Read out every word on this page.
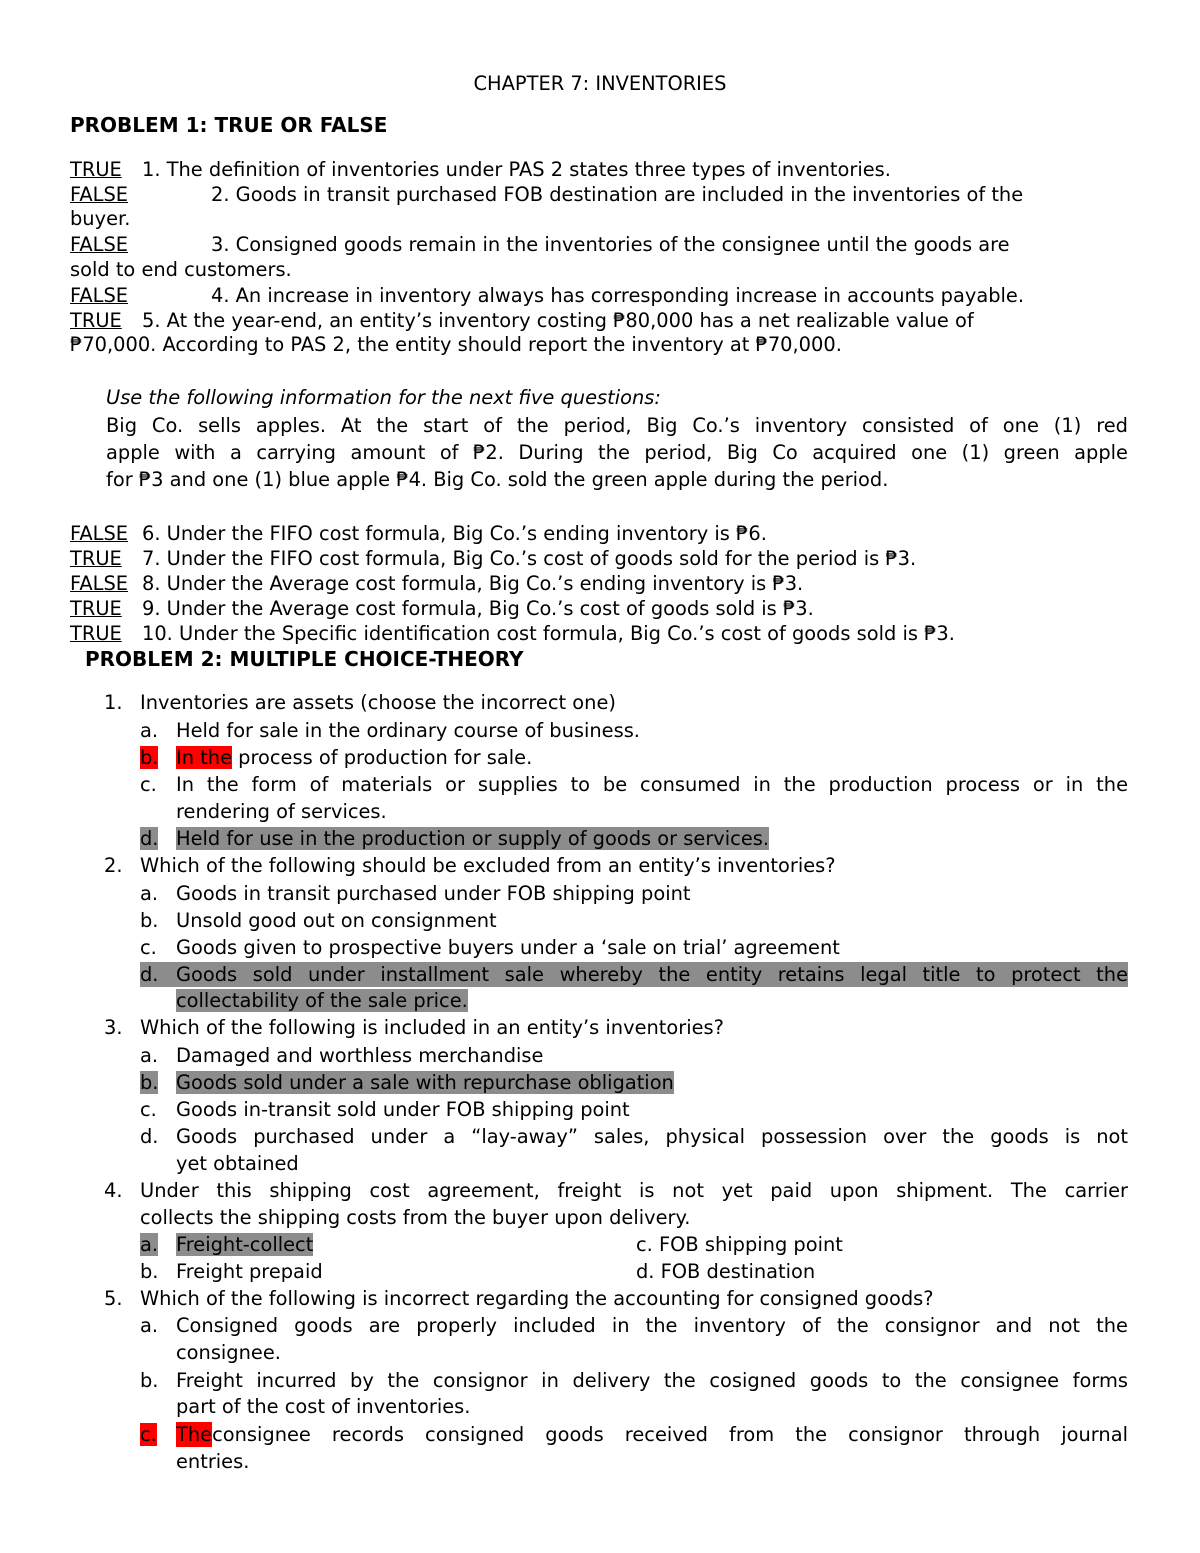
CHAPTER 7: INVENTORIES
PROBLEM 1: TRUE OR FALSE
TRUE 1. The definition of inventories under PAS 2 states three types of inventories.
FALSE	2. Goods in transit purchased FOB destination are included in the inventories of the
buyer.
FALSE	3. Consigned goods remain in the inventories of the consignee until the goods are
sold to end customers.
FALSE	4. An increase in inventory always has corresponding increase in accounts payable.
TRUE 5. At the year-end, an entity’s inventory costing ₱80,000 has a net realizable value of
₱70,000. According to PAS 2, the entity should report the inventory at ₱70,000.
Use the following information for the next five questions:
Big Co. sells apples. At the start of the period, Big Co.’s inventory consisted of one (1) red
apple with a carrying amount of ₱2. During the period, Big Co acquired one (1) green apple
for ₱3 and one (1) blue apple ₱4. Big Co. sold the green apple during the period.
FALSE 6. Under the FIFO cost formula, Big Co.’s ending inventory is ₱6.
TRUE 7. Under the FIFO cost formula, Big Co.’s cost of goods sold for the period is ₱3.
FALSE 8. Under the Average cost formula, Big Co.’s ending inventory is ₱3.
TRUE 9. Under the Average cost formula, Big Co.’s cost of goods sold is ₱3.
TRUE 10. Under the Specific identification cost formula, Big Co.’s cost of goods sold is ₱3.
PROBLEM 2: MULTIPLE CHOICE-THEORY
1. Inventories are assets (choose the incorrect one)
a. Held for sale in the ordinary course of business.
b. In the process of production for sale.
c. In the form of materials or supplies to be consumed in the production process or in the
rendering of services.
d. Held for use in the production or supply of goods or services.
2. Which of the following should be excluded from an entity’s inventories?
a. Goods in transit purchased under FOB shipping point
b. Unsold good out on consignment
c. Goods given to prospective buyers under a ‘sale on trial’ agreement
d. Goods sold under installment sale whereby the entity retains legal title to protect the
collectability of the sale price.
3. Which of the following is included in an entity’s inventories?
a. Damaged and worthless merchandise
b. Goods sold under a sale with repurchase obligation
c. Goods in-transit sold under FOB shipping point
d. Goods purchased under a “lay-away” sales, physical possession over the goods is not
yet obtained
4. Under this shipping cost agreement, freight is not yet paid upon shipment. The carrier
collects the shipping costs from the buyer upon delivery.
a. Freight-collect	c. FOB shipping point
b. Freight prepaid	d. FOB destination
5. Which of the following is incorrect regarding the accounting for consigned goods?
a. Consigned goods are properly included in the inventory of the consignor and not the
consignee.
b. Freight incurred by the consignor in delivery the cosigned goods to the consignee forms
part of the cost of inventories.
c. The consignee records consigned goods received from the consignor through journal
entries.
